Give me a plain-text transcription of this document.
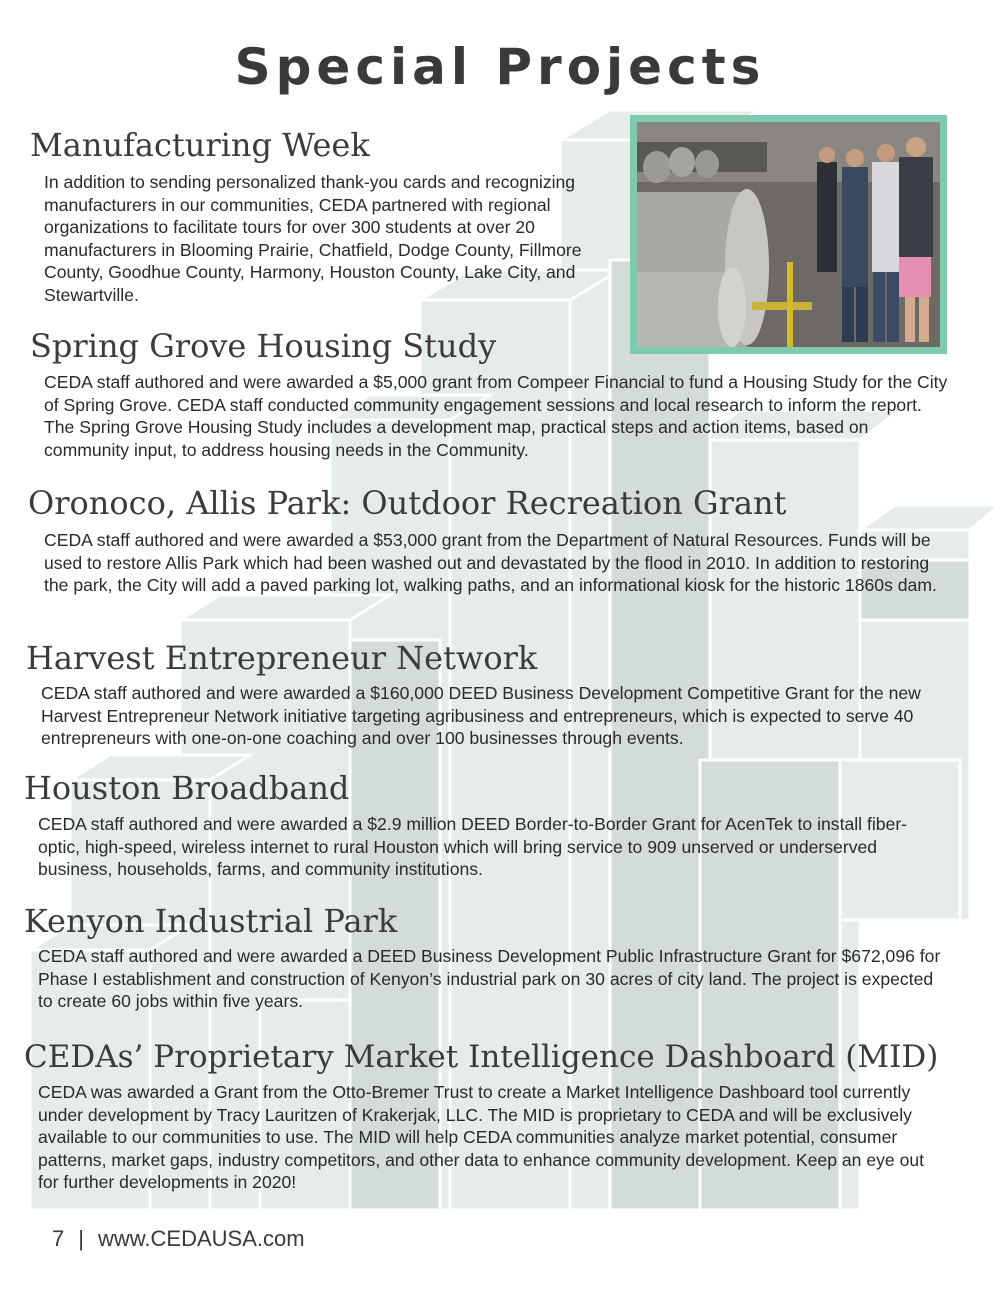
Special Projects
Manufacturing Week

In addition to sending personalized thank-you cards and recognizing manufacturers in our communities, CEDA partnered with regional organizations to facilitate tours for over 300 students at over 20 manufacturers in Blooming Prairie, Chatfield, Dodge County, Fillmore County, Goodhue County, Harmony, Houston County, Lake City, and Stewartville.

Spring Grove Housing Study

CEDA staff authored and were awarded a $5,000 grant from Compeer Financial to fund a Housing Study for the City of Spring Grove. CEDA staff conducted community engagement sessions and local research to inform the report. The Spring Grove Housing Study includes a development map, practical steps and action items, based on community input, to address housing needs in the Community.

Oronoco, Allis Park: Outdoor Recreation Grant

CEDA staff authored and were awarded a $53,000 grant from the Department of Natural Resources. Funds will be used to restore Allis Park which had been washed out and devastated by the flood in 2010. In addition to restoring the park, the City will add a paved parking lot, walking paths, and an informational kiosk for the historic 1860s dam.

Harvest Entrepreneur Network

CEDA staff authored and were awarded a $160,000 DEED Business Development Competitive Grant for the new Harvest Entrepreneur Network initiative targeting agribusiness and entrepreneurs, which is expected to serve 40 entrepreneurs with one-on-one coaching and over 100 businesses through events.

Houston Broadband

CEDA staff authored and were awarded a $2.9 million DEED Border-to-Border Grant for AcenTek to install fiber-optic, high-speed, wireless internet to rural Houston which will bring service to 909 unserved or underserved business, households, farms, and community institutions.

Kenyon Industrial Park

CEDA staff authored and were awarded a DEED Business Development Public Infrastructure Grant for $672,096 for Phase I establishment and construction of Kenyon’s industrial park on 30 acres of city land. The project is expected to create 60 jobs within five years.

CEDAs’ Proprietary Market Intelligence Dashboard (MID)

CEDA was awarded a Grant from the Otto-Bremer Trust to create a Market Intelligence Dashboard tool currently under development by Tracy Lauritzen of Krakerjak, LLC. The MID is proprietary to CEDA and will be exclusively available to our communities to use. The MID will help CEDA communities analyze market potential, consumer patterns, market gaps, industry competitors, and other data to enhance community development. Keep an eye out for further developments in 2020!

7 | www.CEDAUSA.com
